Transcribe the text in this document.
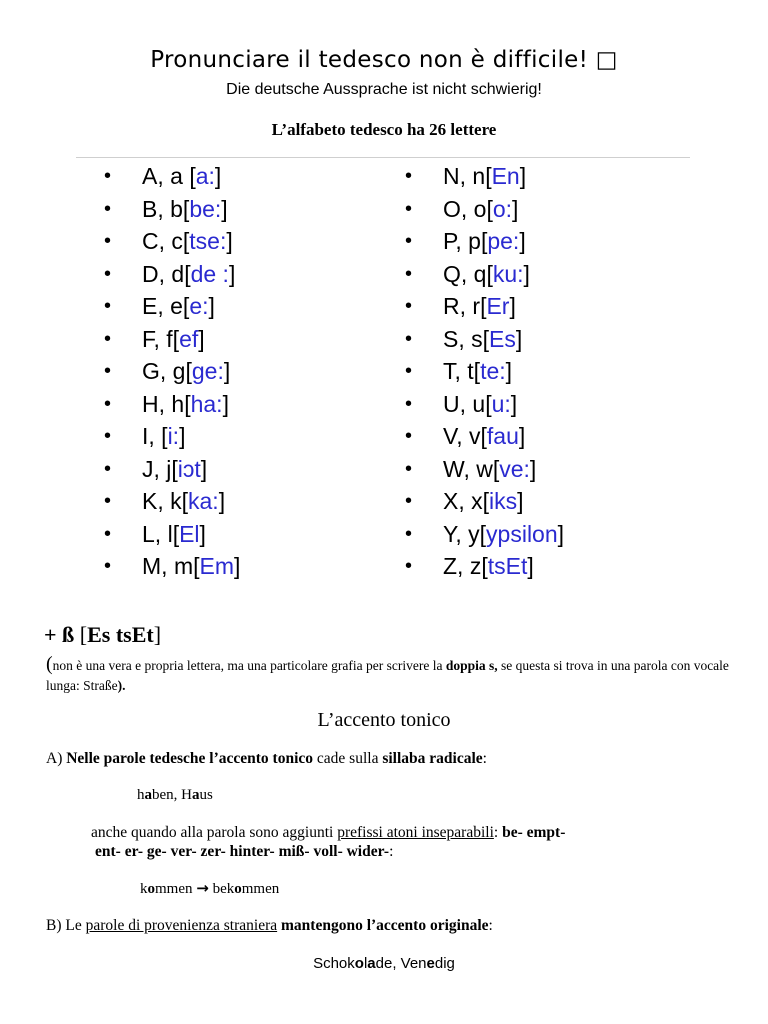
Pronunciare il tedesco non è difficile! □
Die deutsche Aussprache ist nicht schwierig!
L’alfabeto tedesco ha 26 lettere
• A, a [a:]
• B, b[be:]
• C, c[tse:]
• D, d[de :]
• E, e[e:]
• F, f[ef]
• G, g[ge:]
• H, h[ha:]
• I, [i:]
• J, j[iɔt]
• K, k[ka:]
• L, l[El]
• M, m[Em]
• N, n[En]
• O, o[o:]
• P, p[pe:]
• Q, q[ku:]
• R, r[Er]
• S, s[Es]
• T, t[te:]
• U, u[u:]
• V, v[fau]
• W, w[ve:]
• X, x[iks]
• Y, y[ypsilon]
• Z, z[tsEt]
+ ß [Es tsEt]
(non è una vera e propria lettera, ma una particolare grafia per scrivere la doppia s, se questa si trova in una parola con vocale lunga: Straße).
L’accento tonico
A) Nelle parole tedesche l’accento tonico cade sulla sillaba radicale:
haben, Haus
anche quando alla parola sono aggiunti prefissi atoni inseparabili: be- empt-
ent- er- ge- ver- zer- hinter- miß- voll- wider-:
kommen → bekommen
B) Le parole di provenienza straniera mantengono l’accento originale:
Schokolade, Venedig
